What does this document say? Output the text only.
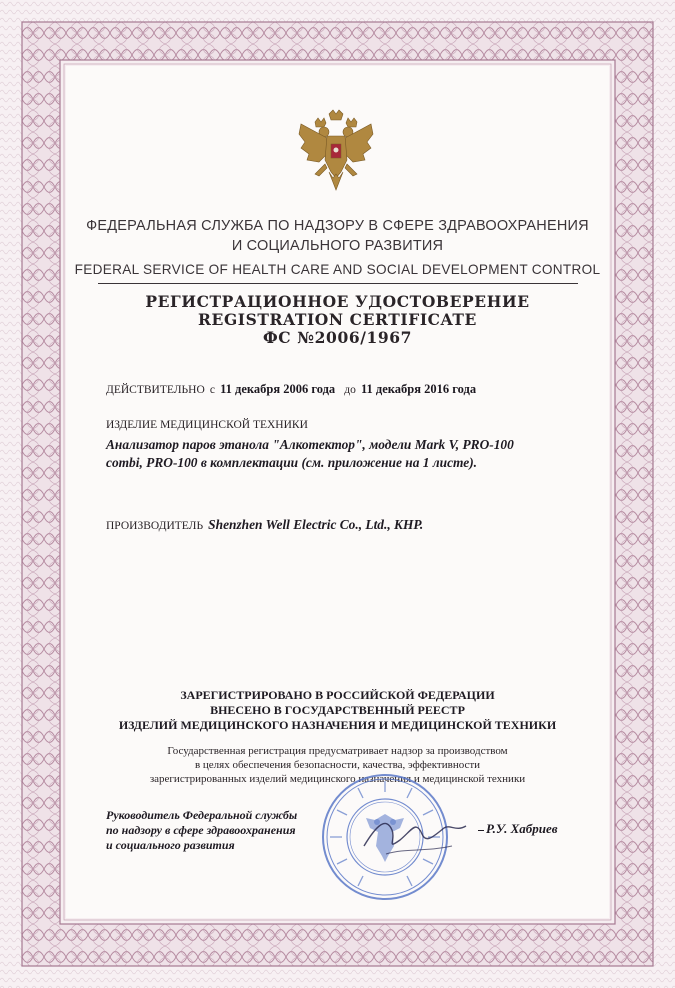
ФЕДЕРАЛЬНАЯ СЛУЖБА ПО НАДЗОРУ В СФЕРЕ ЗДРАВООХРАНЕНИЯ
И СОЦИАЛЬНОГО РАЗВИТИЯ
FEDERAL SERVICE OF HEALTH CARE AND SOCIAL DEVELOPMENT CONTROL
РЕГИСТРАЦИОННОЕ УДОСТОВЕРЕНИЕ
REGISTRATION CERTIFICATE
ФС №2006/1967
ДЕЙСТВИТЕЛЬНО с 11 декабря 2006 года до 11 декабря 2016 года
ИЗДЕЛИЕ МЕДИЦИНСКОЙ ТЕХНИКИ
Анализатор паров этанола "Алкотектор", модели Mark V, PRO-100
combi, PRO-100 в комплектации (см. приложение на 1 листе).
ПРОИЗВОДИТЕЛЬ Shenzhen Well Electric Co., Ltd., KHP.
ЗАРЕГИСТРИРОВАНО В РОССИЙСКОЙ ФЕДЕРАЦИИ
ВНЕСЕНО В ГОСУДАРСТВЕННЫЙ РЕЕСТР
ИЗДЕЛИЙ МЕДИЦИНСКОГО НАЗНАЧЕНИЯ И МЕДИЦИНСКОЙ ТЕХНИКИ
Государственная регистрация предусматривает надзор за производством
в целях обеспечения безопасности, качества, эффективности
зарегистрированных изделий медицинского назначения и медицинской техники
Руководитель Федеральной службы
по надзору в сфере здравоохранения
и социального развития
Р.У. Хабриев
